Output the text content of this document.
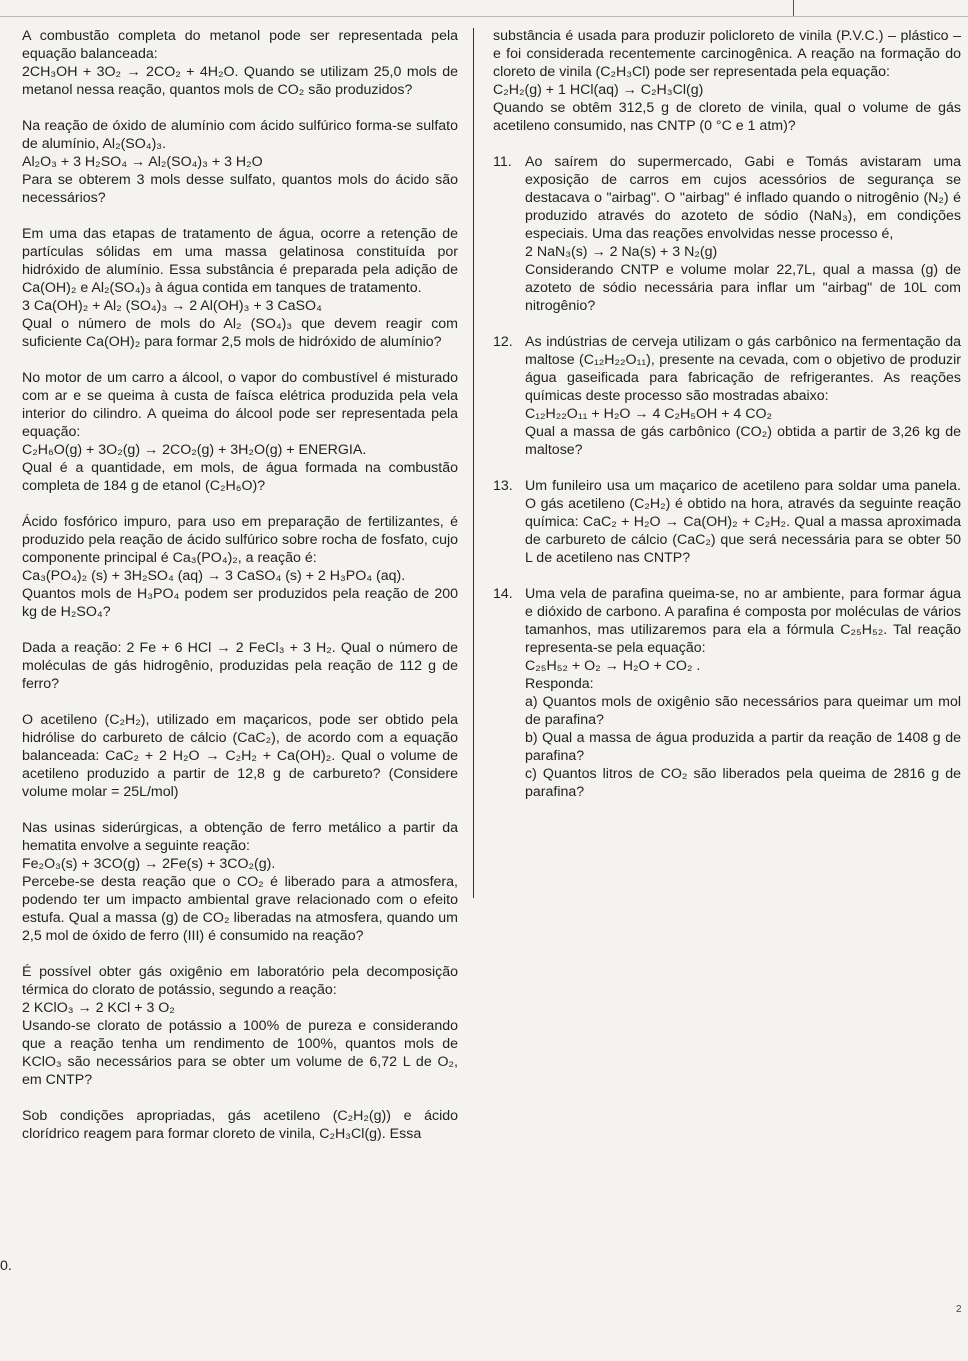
A combustão completa do metanol pode ser representada pela equação balanceada:

2CH₃OH + 3O₂ → 2CO₂ + 4H₂O. Quando se utilizam 25,0 mols de metanol nessa reação, quantos mols de CO₂ são produzidos?

Na reação de óxido de alumínio com ácido sulfúrico forma-se sulfato de alumínio, Al₂(SO₄)₃.

Al₂O₃ + 3 H₂SO₄ → Al₂(SO₄)₃ + 3 H₂O

Para se obterem 3 mols desse sulfato, quantos mols do ácido são necessários?

Em uma das etapas de tratamento de água, ocorre a retenção de partículas sólidas em uma massa gelatinosa constituída por hidróxido de alumínio. Essa substância é preparada pela adição de Ca(OH)₂ e Al₂(SO₄)₃ à água contida em tanques de tratamento.

3 Ca(OH)₂ + Al₂ (SO₄)₃ → 2 Al(OH)₃ + 3 CaSO₄

Qual o número de mols do Al₂ (SO₄)₃ que devem reagir com suficiente Ca(OH)₂ para formar 2,5 mols de hidróxido de alumínio?

No motor de um carro a álcool, o vapor do combustível é misturado com ar e se queima à custa de faísca elétrica produzida pela vela interior do cilindro. A queima do álcool pode ser representada pela equação:

C₂H₆O(g) + 3O₂(g) → 2CO₂(g) + 3H₂O(g) + ENERGIA.

Qual é a quantidade, em mols, de água formada na combustão completa de 184 g de etanol (C₂H₆O)?

Ácido fosfórico impuro, para uso em preparação de fertilizantes, é produzido pela reação de ácido sulfúrico sobre rocha de fosfato, cujo componente principal é Ca₃(PO₄)₂, a reação é:

Ca₃(PO₄)₂ (s) + 3H₂SO₄ (aq) → 3 CaSO₄ (s) + 2 H₃PO₄ (aq).

Quantos mols de H₃PO₄ podem ser produzidos pela reação de 200 kg de H₂SO₄?

Dada a reação: 2 Fe + 6 HCl → 2 FeCl₃ + 3 H₂. Qual o número de moléculas de gás hidrogênio, produzidas pela reação de 112 g de ferro?

O acetileno (C₂H₂), utilizado em maçaricos, pode ser obtido pela hidrólise do carbureto de cálcio (CaC₂), de acordo com a equação balanceada: CaC₂ + 2 H₂O → C₂H₂ + Ca(OH)₂. Qual o volume de acetileno produzido a partir de 12,8 g de carbureto? (Considere volume molar = 25L/mol)

Nas usinas siderúrgicas, a obtenção de ferro metálico a partir da hematita envolve a seguinte reação:

Fe₂O₃(s) + 3CO(g) → 2Fe(s) + 3CO₂(g).

Percebe-se desta reação que o CO₂ é liberado para a atmosfera, podendo ter um impacto ambiental grave relacionado com o efeito estufa. Qual a massa (g) de CO₂ liberadas na atmosfera, quando um 2,5 mol de óxido de ferro (III) é consumido na reação?

É possível obter gás oxigênio em laboratório pela decomposição térmica do clorato de potássio, segundo a reação:

2 KClO₃ → 2 KCl + 3 O₂

Usando-se clorato de potássio a 100% de pureza e considerando que a reação tenha um rendimento de 100%, quantos mols de KClO₃ são necessários para se obter um volume de 6,72 L de O₂, em CNTP?

Sob condições apropriadas, gás acetileno (C₂H₂(g)) e ácido clorídrico reagem para formar cloreto de vinila, C₂H₃Cl(g). Essa

0.

substância é usada para produzir policloreto de vinila (P.V.C.) – plástico – e foi considerada recentemente carcinogênica. A reação na formação do cloreto de vinila (C₂H₃Cl) pode ser representada pela equação:

C₂H₂(g) + 1 HCl(aq) → C₂H₃Cl(g)

Quando se obtêm 312,5 g de cloreto de vinila, qual o volume de gás acetileno consumido, nas CNTP (0 °C e 1 atm)?

11. Ao saírem do supermercado, Gabi e Tomás avistaram uma exposição de carros em cujos acessórios de segurança se destacava o "airbag". O "airbag" é inflado quando o nitrogênio (N₂) é produzido através do azoteto de sódio (NaN₃), em condições especiais. Uma das reações envolvidas nesse processo é,

2 NaN₃(s) → 2 Na(s) + 3 N₂(g)

Considerando CNTP e volume molar 22,7L, qual a massa (g) de azoteto de sódio necessária para inflar um "airbag" de 10L com nitrogênio?

12. As indústrias de cerveja utilizam o gás carbônico na fermentação da maltose (C₁₂H₂₂O₁₁), presente na cevada, com o objetivo de produzir água gaseificada para fabricação de refrigerantes. As reações químicas deste processo são mostradas abaixo:

C₁₂H₂₂O₁₁ + H₂O → 4 C₂H₅OH + 4 CO₂

Qual a massa de gás carbônico (CO₂) obtida a partir de 3,26 kg de maltose?

13. Um funileiro usa um maçarico de acetileno para soldar uma panela. O gás acetileno (C₂H₂) é obtido na hora, através da seguinte reação química: CaC₂ + H₂O → Ca(OH)₂ + C₂H₂. Qual a massa aproximada de carbureto de cálcio (CaC₂) que será necessária para se obter 50 L de acetileno nas CNTP?

14. Uma vela de parafina queima-se, no ar ambiente, para formar água e dióxido de carbono. A parafina é composta por moléculas de vários tamanhos, mas utilizaremos para ela a fórmula C₂₅H₅₂. Tal reação representa-se pela equação:

C₂₅H₅₂ + O₂ → H₂O + CO₂ .

Responda:

a) Quantos mols de oxigênio são necessários para queimar um mol de parafina?

b) Qual a massa de água produzida a partir da reação de 1408 g de parafina?

c) Quantos litros de CO₂ são liberados pela queima de 2816 g de parafina?

2
